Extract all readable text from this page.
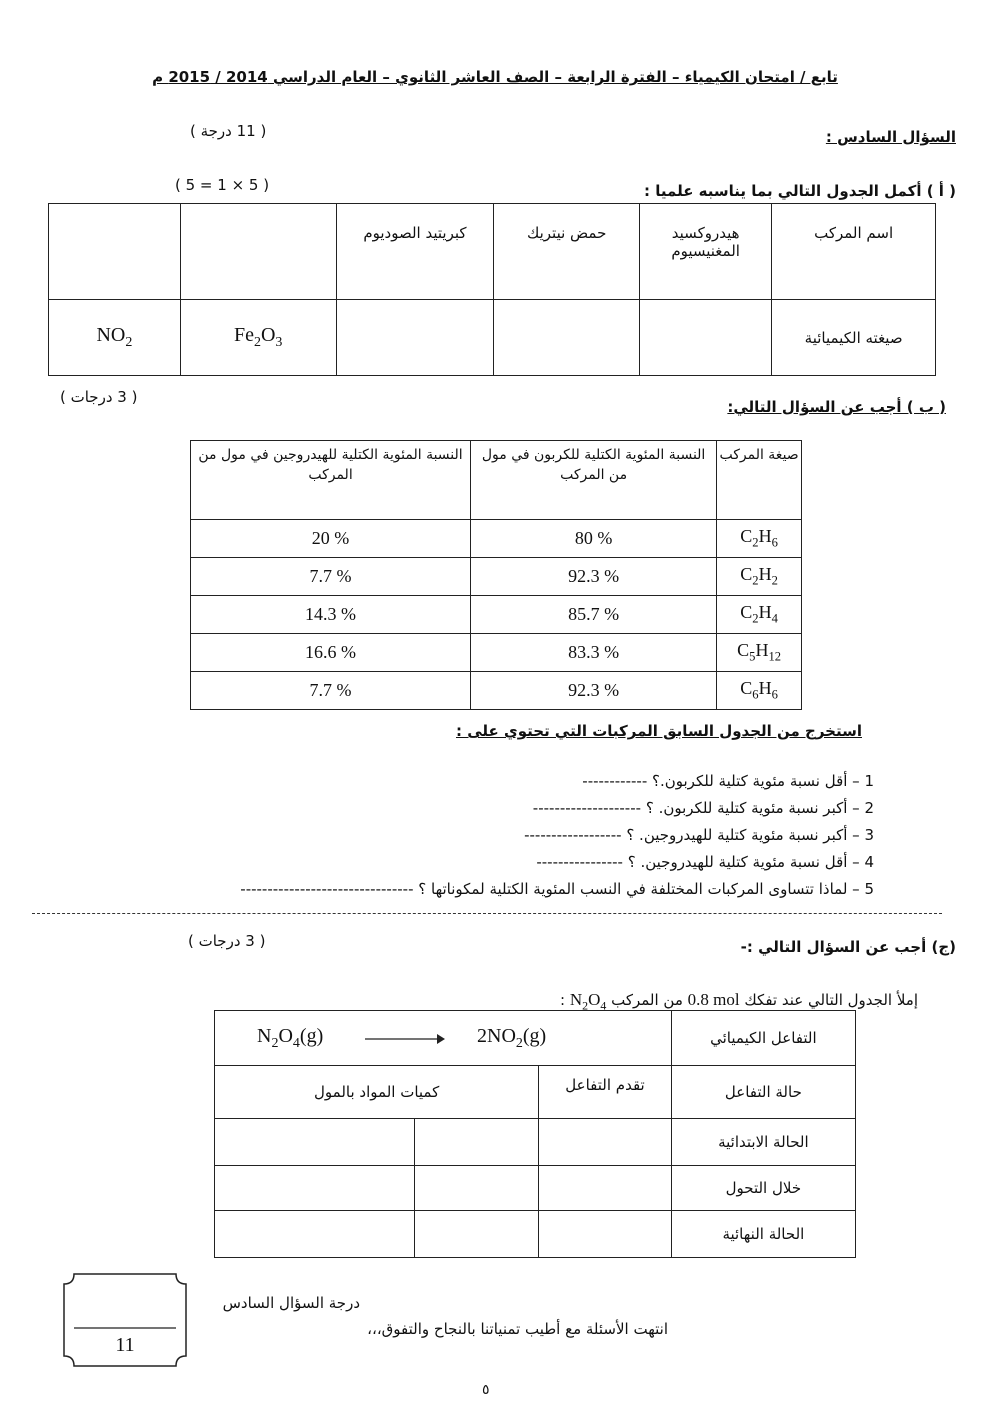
تابع / امتحان الكيمياء – الفترة الرابعة – الصف العاشر الثانوي – العام الدراسي 2014 / 2015 م
السؤال السادس :
( 11 درجة )
( أ ) أكمل الجدول التالي بما يناسبه علميا :
( 5 = 1 × 5 )
		كبريتيد الصوديوم	حمض نيتريك	هيدروكسيد المغنيسيوم	اسم المركب
$NO_2$	$Fe_2O_3$				صيغته الكيميائية
( ب ) أجب عن السؤال التالي:
( 3 درجات )
النسبة المئوية الكتلية للهيدروجين في مول من المركب	النسبة المئوية الكتلية للكربون في مول من المركب	صيغة المركب
20 %	80 %	$C_2H_6$
7.7 %	92.3 %	$C_2H_2$
14.3 %	85.7 %	$C_2H_4$
16.6 %	83.3 %	$C_5H_{12}$
7.7 %	92.3 %	$C_6H_6$
استخرج من الجدول السابق المركبات التي تحتوي على :
1 – أقل نسبة مئوية كتلية للكربون.؟ ------------
2 – أكبر نسبة مئوية كتلية للكربون. ؟ --------------------
3 – أكبر نسبة مئوية كتلية للهيدروجين. ؟ ------------------
4 – أقل نسبة مئوية كتلية للهيدروجين. ؟ ----------------
5 – لماذا تتساوى المركبات المختلفة في النسب المئوية الكتلية لمكوناتها ؟ --------------------------------
(ج) أجب عن السؤال التالي :-
( 3 درجات )
إملأ الجدول التالي عند تفكك 0.8 mol من المركب $N_2O_4$ :
$N_2O_4(g)$ $2NO_2(g)$			التفاعل الكيميائي
كميات المواد بالمول		تقدم التفاعل	حالة التفاعل
			الحالة الابتدائية
			خلال التحول
			الحالة النهائية
11
درجة السؤال السادس
انتهت الأسئلة مع أطيب تمنياتنا بالنجاح والتفوق،،،
٥
